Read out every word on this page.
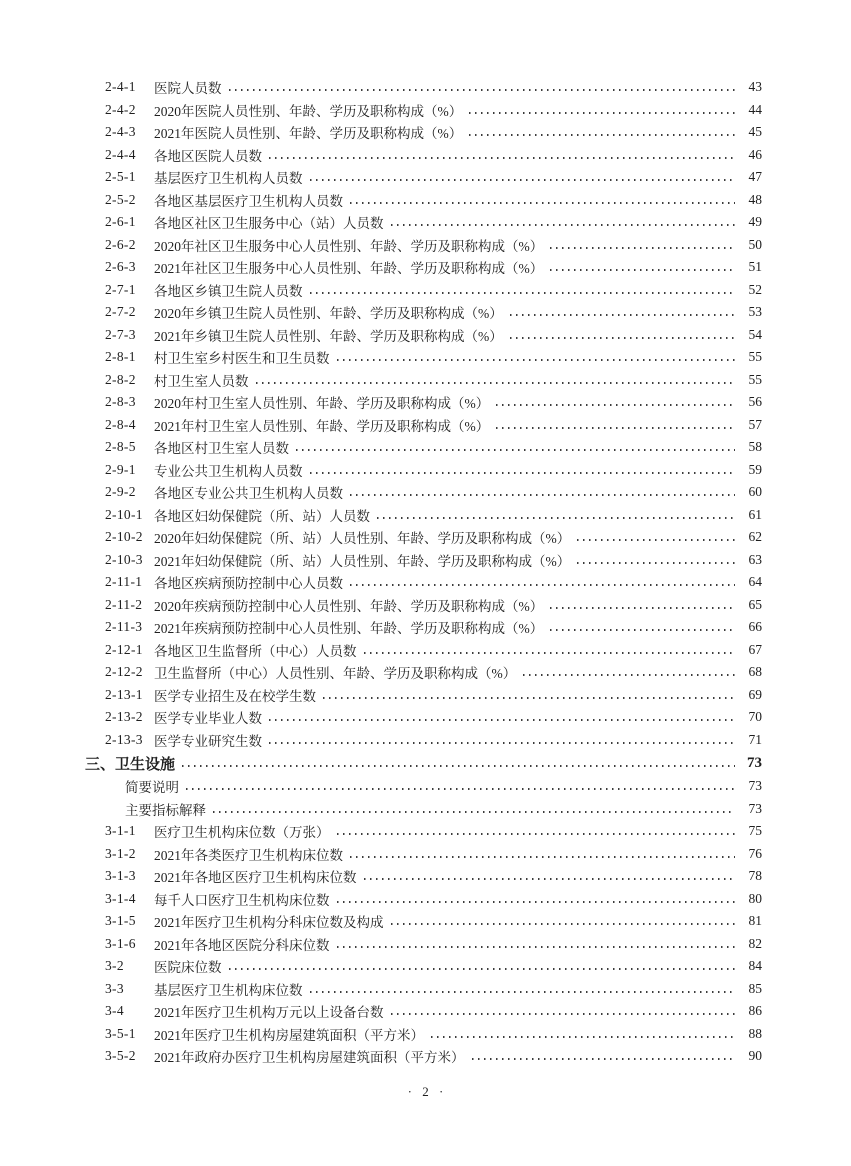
2-4-1	医院人员数	43
2-4-2	2020年医院人员性别、年龄、学历及职称构成（%）	44
2-4-3	2021年医院人员性别、年龄、学历及职称构成（%）	45
2-4-4	各地区医院人员数	46
2-5-1	基层医疗卫生机构人员数	47
2-5-2	各地区基层医疗卫生机构人员数	48
2-6-1	各地区社区卫生服务中心（站）人员数	49
2-6-2	2020年社区卫生服务中心人员性别、年龄、学历及职称构成（%）	50
2-6-3	2021年社区卫生服务中心人员性别、年龄、学历及职称构成（%）	51
2-7-1	各地区乡镇卫生院人员数	52
2-7-2	2020年乡镇卫生院人员性别、年龄、学历及职称构成（%）	53
2-7-3	2021年乡镇卫生院人员性别、年龄、学历及职称构成（%）	54
2-8-1	村卫生室乡村医生和卫生员数	55
2-8-2	村卫生室人员数	55
2-8-3	2020年村卫生室人员性别、年龄、学历及职称构成（%）	56
2-8-4	2021年村卫生室人员性别、年龄、学历及职称构成（%）	57
2-8-5	各地区村卫生室人员数	58
2-9-1	专业公共卫生机构人员数	59
2-9-2	各地区专业公共卫生机构人员数	60
2-10-1 各地区妇幼保健院（所、站）人员数	61
2-10-2 2020年妇幼保健院（所、站）人员性别、年龄、学历及职称构成（%）	62
2-10-3 2021年妇幼保健院（所、站）人员性别、年龄、学历及职称构成（%）	63
2-11-1 各地区疾病预防控制中心人员数	64
2-11-2 2020年疾病预防控制中心人员性别、年龄、学历及职称构成（%）	65
2-11-3 2021年疾病预防控制中心人员性别、年龄、学历及职称构成（%）	66
2-12-1 各地区卫生监督所（中心）人员数	67
2-12-2 卫生监督所（中心）人员性别、年龄、学历及职称构成（%）	68
2-13-1 医学专业招生及在校学生数	69
2-13-2 医学专业毕业人数	70
2-13-3 医学专业研究生数	71
三、 卫生设施	73
简要说明	73
主要指标解释	73
3-1-1	医疗卫生机构床位数（万张）	75
3-1-2	2021年各类医疗卫生机构床位数	76
3-1-3	2021年各地区医疗卫生机构床位数	78
3-1-4	每千人口医疗卫生机构床位数	80
3-1-5	2021年医疗卫生机构分科床位数及构成	81
3-1-6	2021年各地区医院分科床位数	82
3-2	医院床位数	84
3-3	基层医疗卫生机构床位数	85
3-4	2021年医疗卫生机构万元以上设备台数	86
3-5-1	2021年医疗卫生机构房屋建筑面积（平方米）	88
3-5-2	2021年政府办医疗卫生机构房屋建筑面积（平方米）	90
· 2 ·
